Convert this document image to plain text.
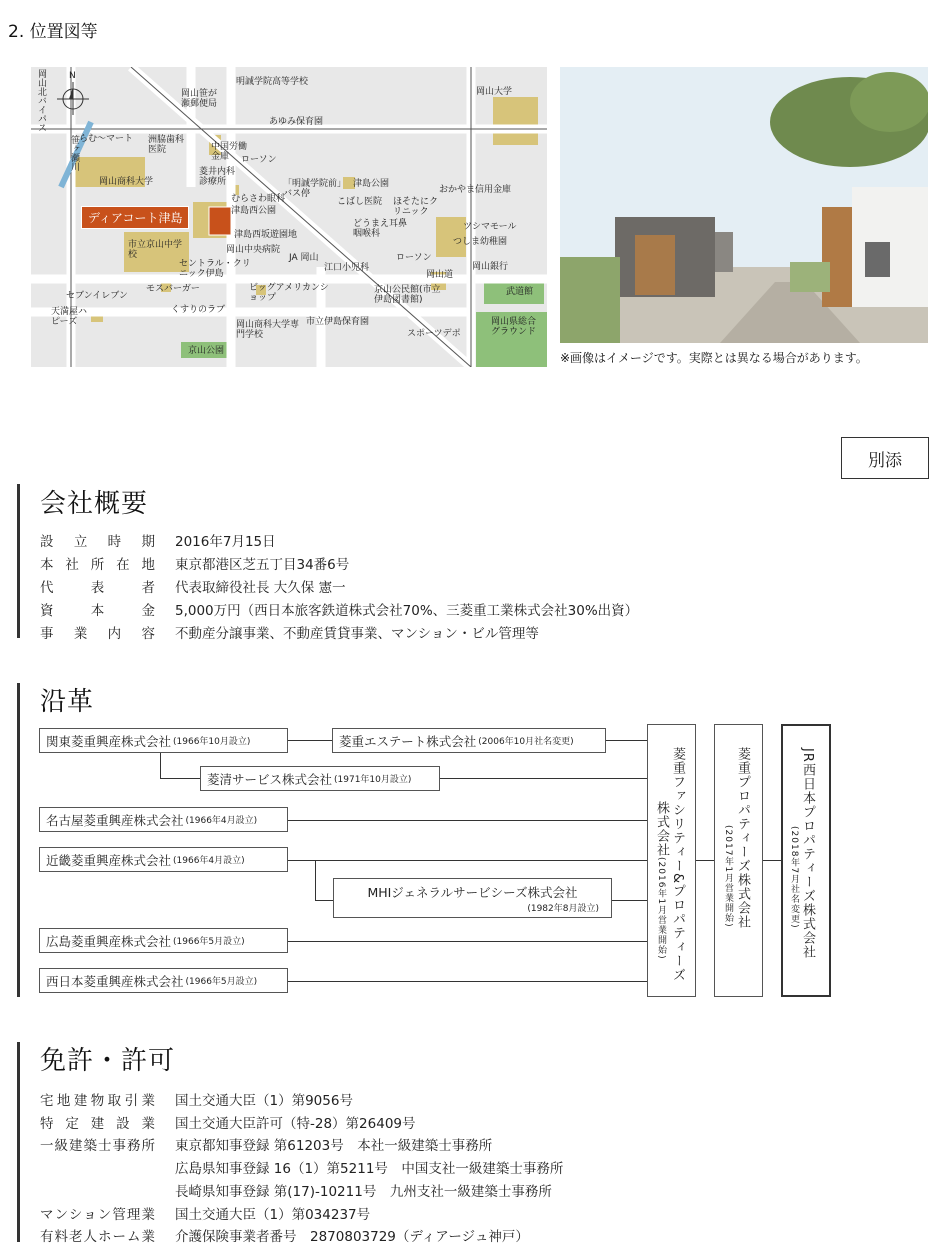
2. 位置図等
N
岡山北バイパス
笹ヶ瀬川
明誠学院高等学校
岡山大学
岡山笹が瀬郵便局
あゆみ保育園
らむ～マート 洲脇歯科医院	中国労働金庫	ローソン
岡山商科大学
菱井内科診療所
むらさわ眼科
津島西公園
「明誠学院前」バス停
津島公園
こばし医院 ほそたにクリニック
おかやま信用金庫
どうまえ耳鼻咽喉科
ツシマモール
つしま幼稚園
市立京山中学校	岡山中央病院
津島西坂遊園地
JA 岡山
江口小児科
ローソン
岡山銀行
セントラル・クリニック伊島
セブンイレブン
モスバーガー	ビッグアメリカンショップ
京山公民館(市立伊島図書館)
武道館
天満屋ハピーズ
くすりのラブ
岡山商科大学専門学校
市立伊島保育園
スポーツデポ
岡山県総合グラウンド
京山公園
岡山道
ディアコート津島
※画像はイメージです。実際とは異なる場合があります。
別添
会社概要
設立時期 2016年7月15日
本社所在地 東京都港区芝五丁目34番6号
代表者 代表取締役社長 大久保 憲一
資本金 5,000万円（西日本旅客鉄道株式会社70%、三菱重工業株式会社30%出資）
事業内容 不動産分譲事業、不動産賃貸事業、マンション・ビル管理等
沿革
関東菱重興産株式会社 (1966年10月設立)	菱重エステート株式会社 (2006年10月社名変更)
菱清サービス株式会社 (1971年10月設立)
名古屋菱重興産株式会社 (1966年4月設立)
近畿菱重興産株式会社 (1966年4月設立)
MHIジェネラルサービシーズ株式会社
(1982年8月設立)
広島菱重興産株式会社 (1966年5月設立)
西日本菱重興産株式会社 (1966年5月設立)	菱重ファシリティー&プロパティーズ
株式会社
(2016年1月営業開始)	菱重プロパティーズ株式会社
(2017年1月営業開始)	JR西日本プロパティーズ株式会社
(2018年7月社名変更)
免許・許可
宅地建物取引業 国土交通大臣（1）第9056号
特定建設業 国土交通大臣許可（特-28）第26409号
一級建築士事務所 東京都知事登録 第61203号　本社一級建築士事務所
広島県知事登録 16（1）第5211号　中国支社一級建築士事務所
長崎県知事登録 第(17)-10211号　九州支社一級建築士事務所
マンション管理業 国土交通大臣（1）第034237号
有料老人ホーム業 介護保険事業者番号　2870803729（ディアージュ神戸）
